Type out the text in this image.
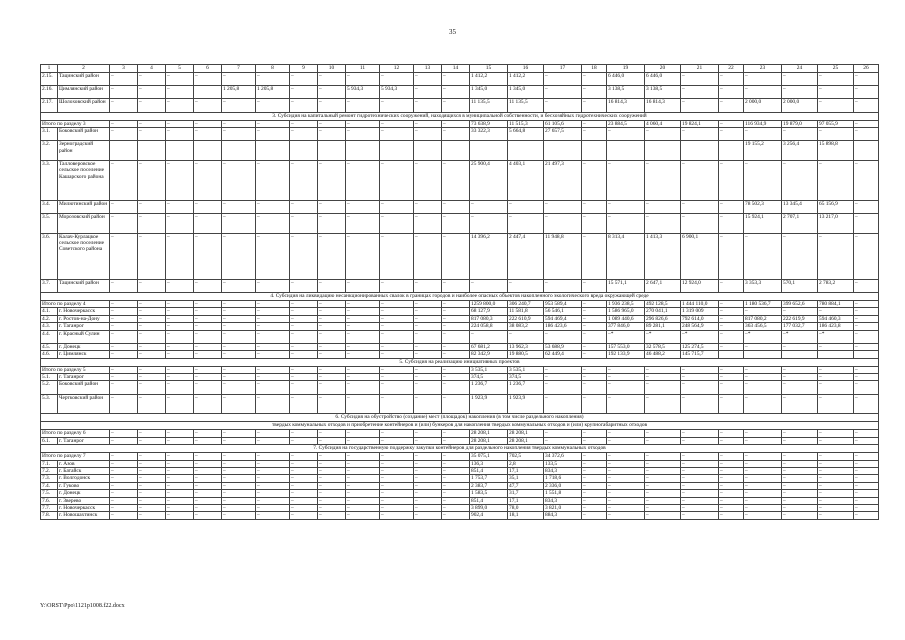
35
1	2	3	4	5	6	7	8	9	10	11	12	13	14	15	16	17	18	19	20	21	22	23	24	25	26
2.15.	Тацинский район	–	–	–	–	–	–	–	–	–	–	–	–	1 412,2	1 412,2	–	–	6 446,0	6 446,0	–	–	–	–	–	–
2.16.	Цимлянский район	–	–	–		1 205,8	1 205,8	–	–	5 934,3	5 934,3	–	–	1 345,0	1 345,0	–	–	3 138,5	3 138,5	–	–	–	–	–	–
2.17.	Шолоховский район	–	–	–	–	–	–	–	–	–	–	–	–	11 135,5	11 135,5	–	–	16 814,3	16 814,3	–	–	2 000,0	2 000,0	–	–
3. Субсидия на капитальный ремонт гидротехнических сооружений, находящихся в муниципальной собственности, и бесхозяйных гидротехнических сооружений																									
Итого по разделу 3		–	–	–	–	–	–	–	–	–	–	–	–	73 638,9	11 515,3	61 105,6	–	23 884,5	4 060,4	19 824,1	–	116 934,9	19 879,0	97 055,9	–
3.1.	Боковский район	–	–	–	–	–	–	–	–	–	–	–	–	33 322,3	5 664,8	27 657,5	–	–	–	–	–	–	–	–	–
3.2.	Зерноградский район																					19 155,2	3 256,4	15 898,8	
3.3.	Талловеровское сельское поселение Кашарского района	–	–	–	–	–	–	–	–	–	–	–	–	25 900,4	4 403,1	21 497,3	–	–	–	–	–	–	–	–	–
3.4.	Милютинский район	–	–	–	–	–	–	–	–	–	–	–	–	–	–	–	–	–	–	–	–	78 502,3	13 345,4	65 156,9	–
3.5.	Морозовский район	–	–	–	–	–	–	–	–	–	–	–	–	–	–	–	–	–	–	–	–	15 924,1	2 707,1	13 217,0	–
3.6.	Калач-Курлацкое сельское поселение Советского района	–	–	–	–	–	–	–	–	–	–	–	–	14 396,2	2 447,4	11 948,8	–	8 313,4	1 413,3	6 900,1	–	–	–	–	–
3.7.	Тацинский район	–	–	–	–	–	–	–	–	–	–	–	–	–	–	–	–	15 571,1	2 647,1	12 924,0	–	3 353,3	570,1	2 783,2	–
4. Субсидия на ликвидацию несанкционированных свалок в границах городов и наиболее опасных объектов накопленного экологического вреда окружающей среде																									
Итого по разделу 4		–	–	–	–	–	–	–	–	–	–	–	–	1259 800,0	306 240,7	953 589,4	–	1 936 238,5	492 128,5	1 444 110,0	–	1 180 536,7	399 652,6	780 884,1	–
4.1.	г. Новочеркасск	–	–	–	–	–	–	–	–	–	–	–	–	68 127,9	11 581,8	56 546,1	–	1 586 965,0	270 041,1	1 319 009	–	–	–	–	–
4.2.	г. Ростов-на-Дону	–	–	–	–	–	–	–	–	–	–	–	–	817 080,3	222 610,9	594 469,4	–	1 089 440,6	296 826,6	792 614,0	–	817 080,2	222 619,9	594 460,3	–
4.3.	г. Таганрог	–	–	–	–	–	–	–	–	–	–	–	–	224 058,8	38 083,2	186 423,6	–	377 846,0	89 281,1	248 564,9	–	363 456,5	177 032,7	186 423,8	–
4.4.	г. Красный Сулин	–	–	–	–	–	–	–	–	–	–	–	–	–	–	–	–	–*	–*	–*	–	–*	–*	–*	–
4.5.	г. Донецк	–	–	–	–	–	–	–	–	–	–	–	–	67 681,2	13 962,3	53 688,9	–	157 553,0	32 578,5	125 274,5	–	–	–	–	–
4.6.	г. Цимлянск	–	–	–	–	–	–	–	–	–	–	–	–	82 342,9	19 880,5	62 449,4	–	192 133,9	46 488,2	145 715,7					
5. Субсидия на реализацию инициативных проектов																									
Итого по разделу 5		–	–	–	–	–	–	–	–	–	–	–	–	3 535,1	3 535,1	–	–	–	–	–	–	–	–	–	–
5.1.	г. Таганрог	–	–	–	–	–	–	–	–	–	–	–	–	374,5	374,5	–	–	–	–	–	–	–	–	–	–
5.2.	Боковский район	–	–	–	–	–	–	–	–	–	–	–	–	1 236,7	1 236,7	–	–	–	–	–	–	–	–	–	–
5.3.	Чертковский район	–	–	–	–	–	–	–	–	–	–	–	–	1 923,9	1 923,9	–	–	–	–	–	–	–	–	–	–
6. Субсидия на обустройство (создание) мест (площадок) накопления (в том числе раздельного накопления)																									
твердых коммунальных отходов и приобретение контейнеров и (или) бункеров для накопления твердых коммунальных отходов и (или) крупногабаритных отходов																									
Итого по разделу 6		–	–	–	–	–	–	–	–	–	–	–	–	28 208,1	28 208,1	–	–	–	–	–	–	–	–	–	–
6.1.	г. Таганрог	–	–	–	–	–	–	–	–	–	–	–	–	28 208,1	28 208,1	–	–	–	–	–	–	–	–	–	–
7. Субсидия на государственную поддержку закупки контейнеров для раздельного накопления твердых коммунальных отходов																									
Итого по разделу 7		–	–	–	–	–	–	–	–	–	–	–	–	35 075,1	702,5	34 372,6	–	–	–	–	–	–	–	–	–
7.1.	г. Азов	–	–	–	–	–	–	–	–	–	–	–	–	136,3	2,8	133,5	–	–	–	–	–	–	–	–	–
7.2.	г. Батайск	–	–	–	–	–	–	–	–	–	–	–	–	851,4	17,1	834,3	–	–	–	–	–	–	–	–	–
7.3.	г. Волгодонск	–	–	–	–	–	–	–	–	–	–	–	–	1 753,7	35,1	1 718,6	–	–	–	–	–	–	–	–	–
7.4.	г. Гуково	–	–	–	–	–	–	–	–	–	–	–	–	2 383,7	47,7	2 336,0	–	–	–	–	–	–	–	–	–
7.5.	г. Донецк	–	–	–	–	–	–	–	–	–	–	–	–	1 583,5	31,7	1 551,8	–	–	–	–	–	–	–	–	–
7.6.	г. Зверево	–	–	–	–	–	–	–	–	–	–	–	–	851,4	17,1	834,3	–	–	–	–	–	–	–	–	–
7.7.	г. Новочеркасск	–	–	–	–	–	–	–	–	–	–	–	–	3 899,0	78,0	3 821,0	–	–	–	–	–	–	–	–	–
7.8.	г. Новошахтинск	–	–	–	–	–	–	–	–	–	–	–	–	902,4	18,1	884,3	–	–	–	–	–	–	–	–	–
Y:\ORST\Ppo\1121p1008.f22.docx
